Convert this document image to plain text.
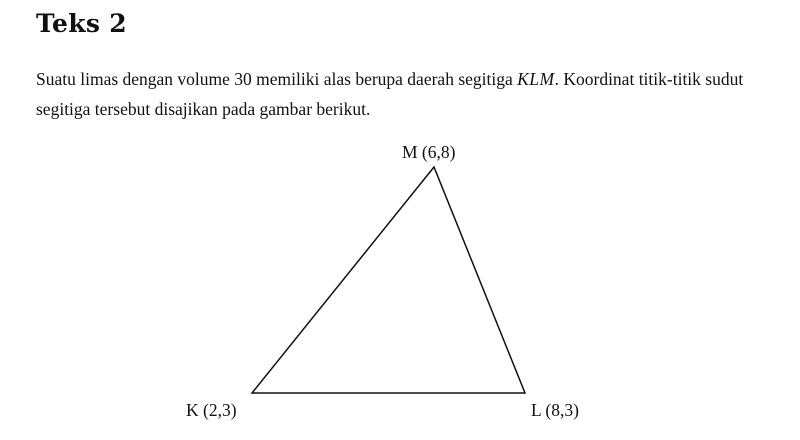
Teks 2

Suatu limas dengan volume 30 memiliki alas berupa daerah segitiga KLM. Koordinat titik-titik sudut segitiga tersebut disajikan pada gambar berikut.

K (2,3)	L (8,3)
M (6,8)
